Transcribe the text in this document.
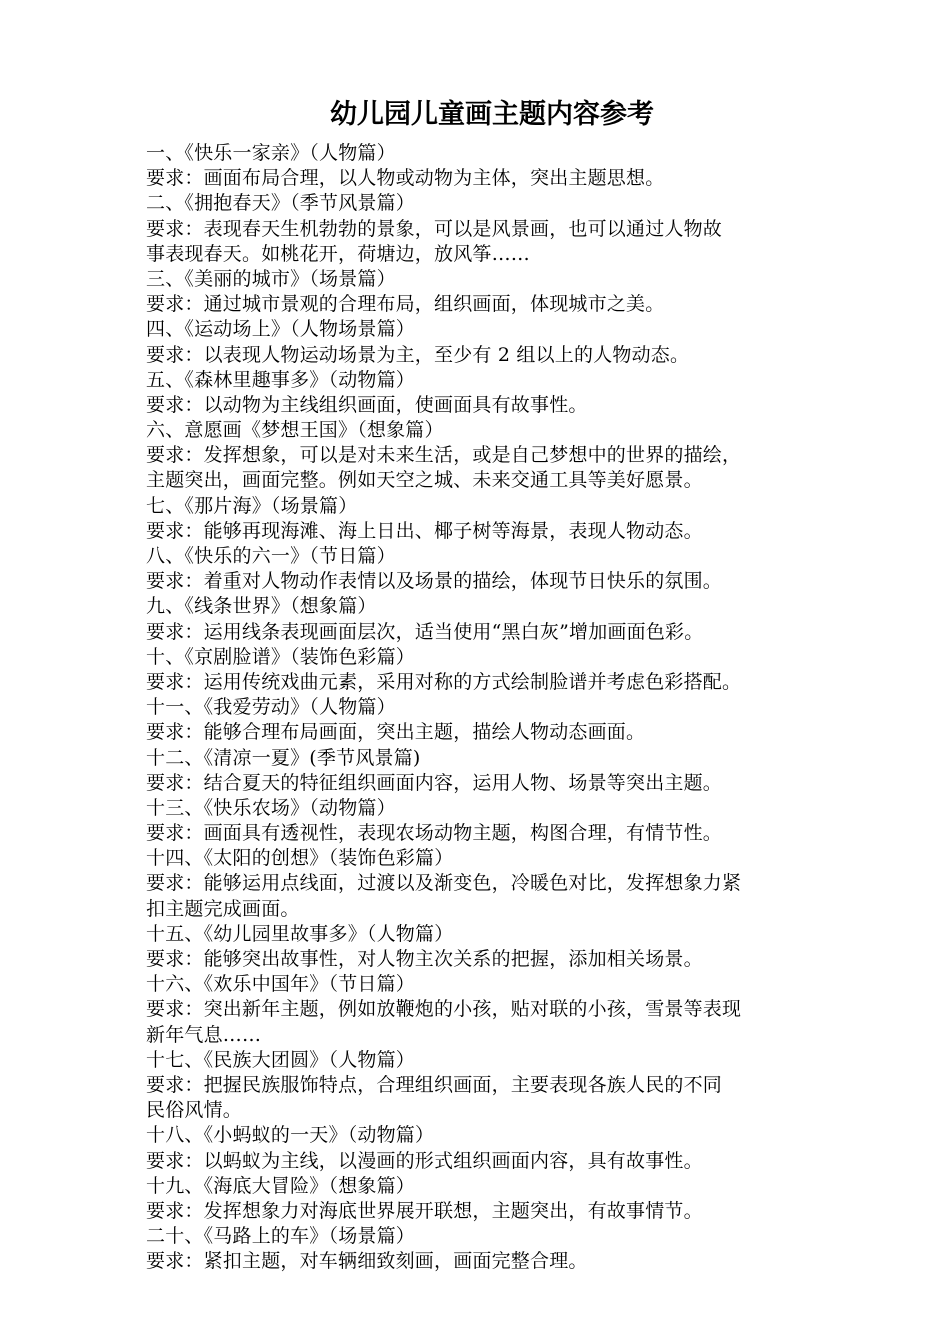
幼儿园儿童画主题内容参考
一、《快乐一家亲》（人物篇）
要求：画面布局合理，以人物或动物为主体，突出主题思想。
二、《拥抱春天》（季节风景篇）
要求：表现春天生机勃勃的景象，可以是风景画，也可以通过人物故
事表现春天。如桃花开，荷塘边，放风筝……
三、《美丽的城市》（场景篇）
要求：通过城市景观的合理布局，组织画面，体现城市之美。
四、《运动场上》（人物场景篇）
要求：以表现人物运动场景为主，至少有 2 组以上的人物动态。
五、《森林里趣事多》（动物篇）
要求：以动物为主线组织画面，使画面具有故事性。
六、意愿画《梦想王国》（想象篇）
要求：发挥想象，可以是对未来生活，或是自己梦想中的世界的描绘，
主题突出，画面完整。例如天空之城、未来交通工具等美好愿景。
七、《那片海》（场景篇）
要求：能够再现海滩、海上日出、椰子树等海景，表现人物动态。
八、《快乐的六一》（节日篇）
要求：着重对人物动作表情以及场景的描绘，体现节日快乐的氛围。
九、《线条世界》（想象篇）
要求：运用线条表现画面层次，适当使用“黑白灰”增加画面色彩。
十、《京剧脸谱》（装饰色彩篇）
要求：运用传统戏曲元素，采用对称的方式绘制脸谱并考虑色彩搭配。
十一、《我爱劳动》（人物篇）
要求：能够合理布局画面，突出主题，描绘人物动态画面。
十二、《清凉一夏》(季节风景篇)
要求：结合夏天的特征组织画面内容，运用人物、场景等突出主题。
十三、《快乐农场》（动物篇）
要求：画面具有透视性，表现农场动物主题，构图合理，有情节性。
十四、《太阳的创想》（装饰色彩篇）
要求：能够运用点线面，过渡以及渐变色，冷暖色对比，发挥想象力紧
扣主题完成画面。
十五、《幼儿园里故事多》（人物篇）
要求：能够突出故事性，对人物主次关系的把握，添加相关场景。
十六、《欢乐中国年》（节日篇）
要求：突出新年主题，例如放鞭炮的小孩，贴对联的小孩，雪景等表现
新年气息……
十七、《民族大团圆》（人物篇）
要求：把握民族服饰特点，合理组织画面，主要表现各族人民的不同
民俗风情。
十八、《小蚂蚁的一天》（动物篇）
要求：以蚂蚁为主线，以漫画的形式组织画面内容，具有故事性。
十九、《海底大冒险》（想象篇）
要求：发挥想象力对海底世界展开联想，主题突出，有故事情节。
二十、《马路上的车》（场景篇）
要求：紧扣主题，对车辆细致刻画，画面完整合理。
